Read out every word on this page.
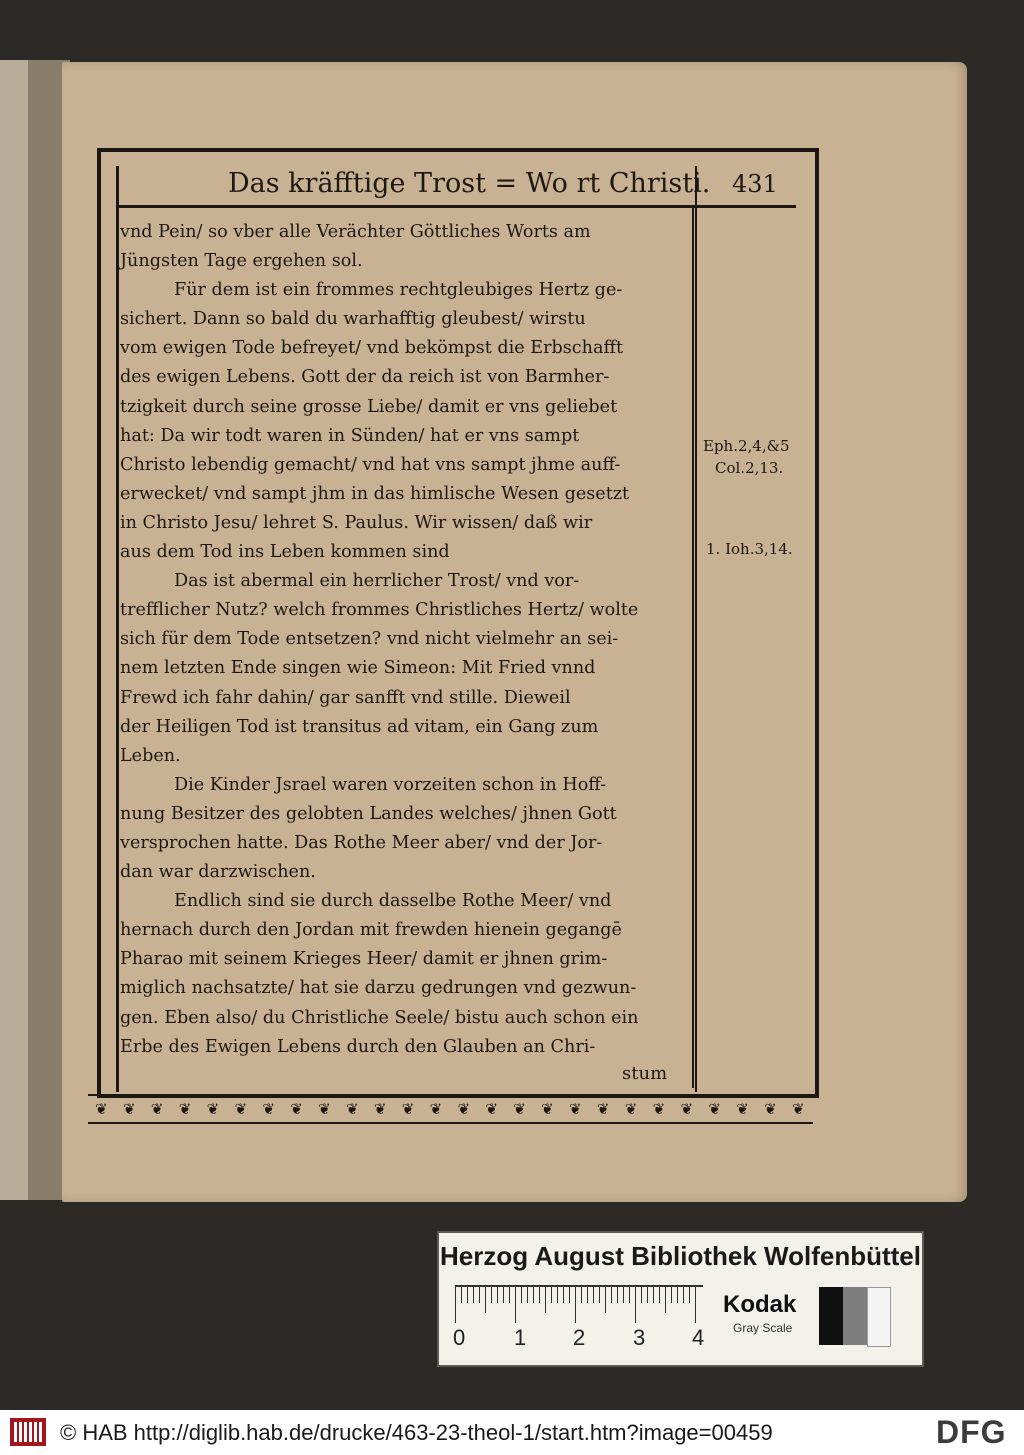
Das kräfftige Trost = Wo rt Christi. 431
vnd Pein/ so vber alle Verächter Göttliches Worts am
Jüngsten Tage ergehen sol.
Für dem ist ein frommes rechtgleubiges Hertz ge-
sichert. Dann so bald du warhafftig gleubest/ wirstu
vom ewigen Tode befreyet/ vnd bekömpst die Erbschafft
des ewigen Lebens. Gott der da reich ist von Barmher-
tzigkeit durch seine grosse Liebe/ damit er vns geliebet
hat: Da wir todt waren in Sünden/ hat er vns sampt
Christo lebendig gemacht/ vnd hat vns sampt jhme auff-
erwecket/ vnd sampt jhm in das himlische Wesen gesetzt
in Christo Jesu/ lehret S. Paulus. Wir wissen/ daß wir
aus dem Tod ins Leben kommen sind
Das ist abermal ein herrlicher Trost/ vnd vor-
trefflicher Nutz? welch frommes Christliches Hertz/ wolte
sich für dem Tode entsetzen? vnd nicht vielmehr an sei-
nem letzten Ende singen wie Simeon: Mit Fried vnnd
Frewd ich fahr dahin/ gar sanfft vnd stille. Dieweil
der Heiligen Tod ist transitus ad vitam, ein Gang zum
Leben.
Die Kinder Jsrael waren vorzeiten schon in Hoff-
nung Besitzer des gelobten Landes welches/ jhnen Gott
versprochen hatte. Das Rothe Meer aber/ vnd der Jor-
dan war darzwischen.
Endlich sind sie durch dasselbe Rothe Meer/ vnd
hernach durch den Jordan mit frewden hienein gegangē
Pharao mit seinem Krieges Heer/ damit er jhnen grim-
miglich nachsatzte/ hat sie darzu gedrungen vnd gezwun-
gen. Eben also/ du Christliche Seele/ bistu auch schon ein
Erbe des Ewigen Lebens durch den Glauben an Chri-
stum
Eph.2,4,&5
Col.2,13.
1. Ioh.3,14.
❦ ❦ ❦ ❦ ❦ ❦ ❦ ❦ ❦ ❦ ❦ ❦ ❦ ❦ ❦ ❦ ❦ ❦ ❦ ❦ ❦ ❦ ❦ ❦ ❦ ❦
Herzog August Bibliothek Wolfenbüttel
0 1 2 3 4
Kodak
Gray Scale
© HAB http://diglib.hab.de/drucke/463-23-theol-1/start.htm?image=00459	DFG
